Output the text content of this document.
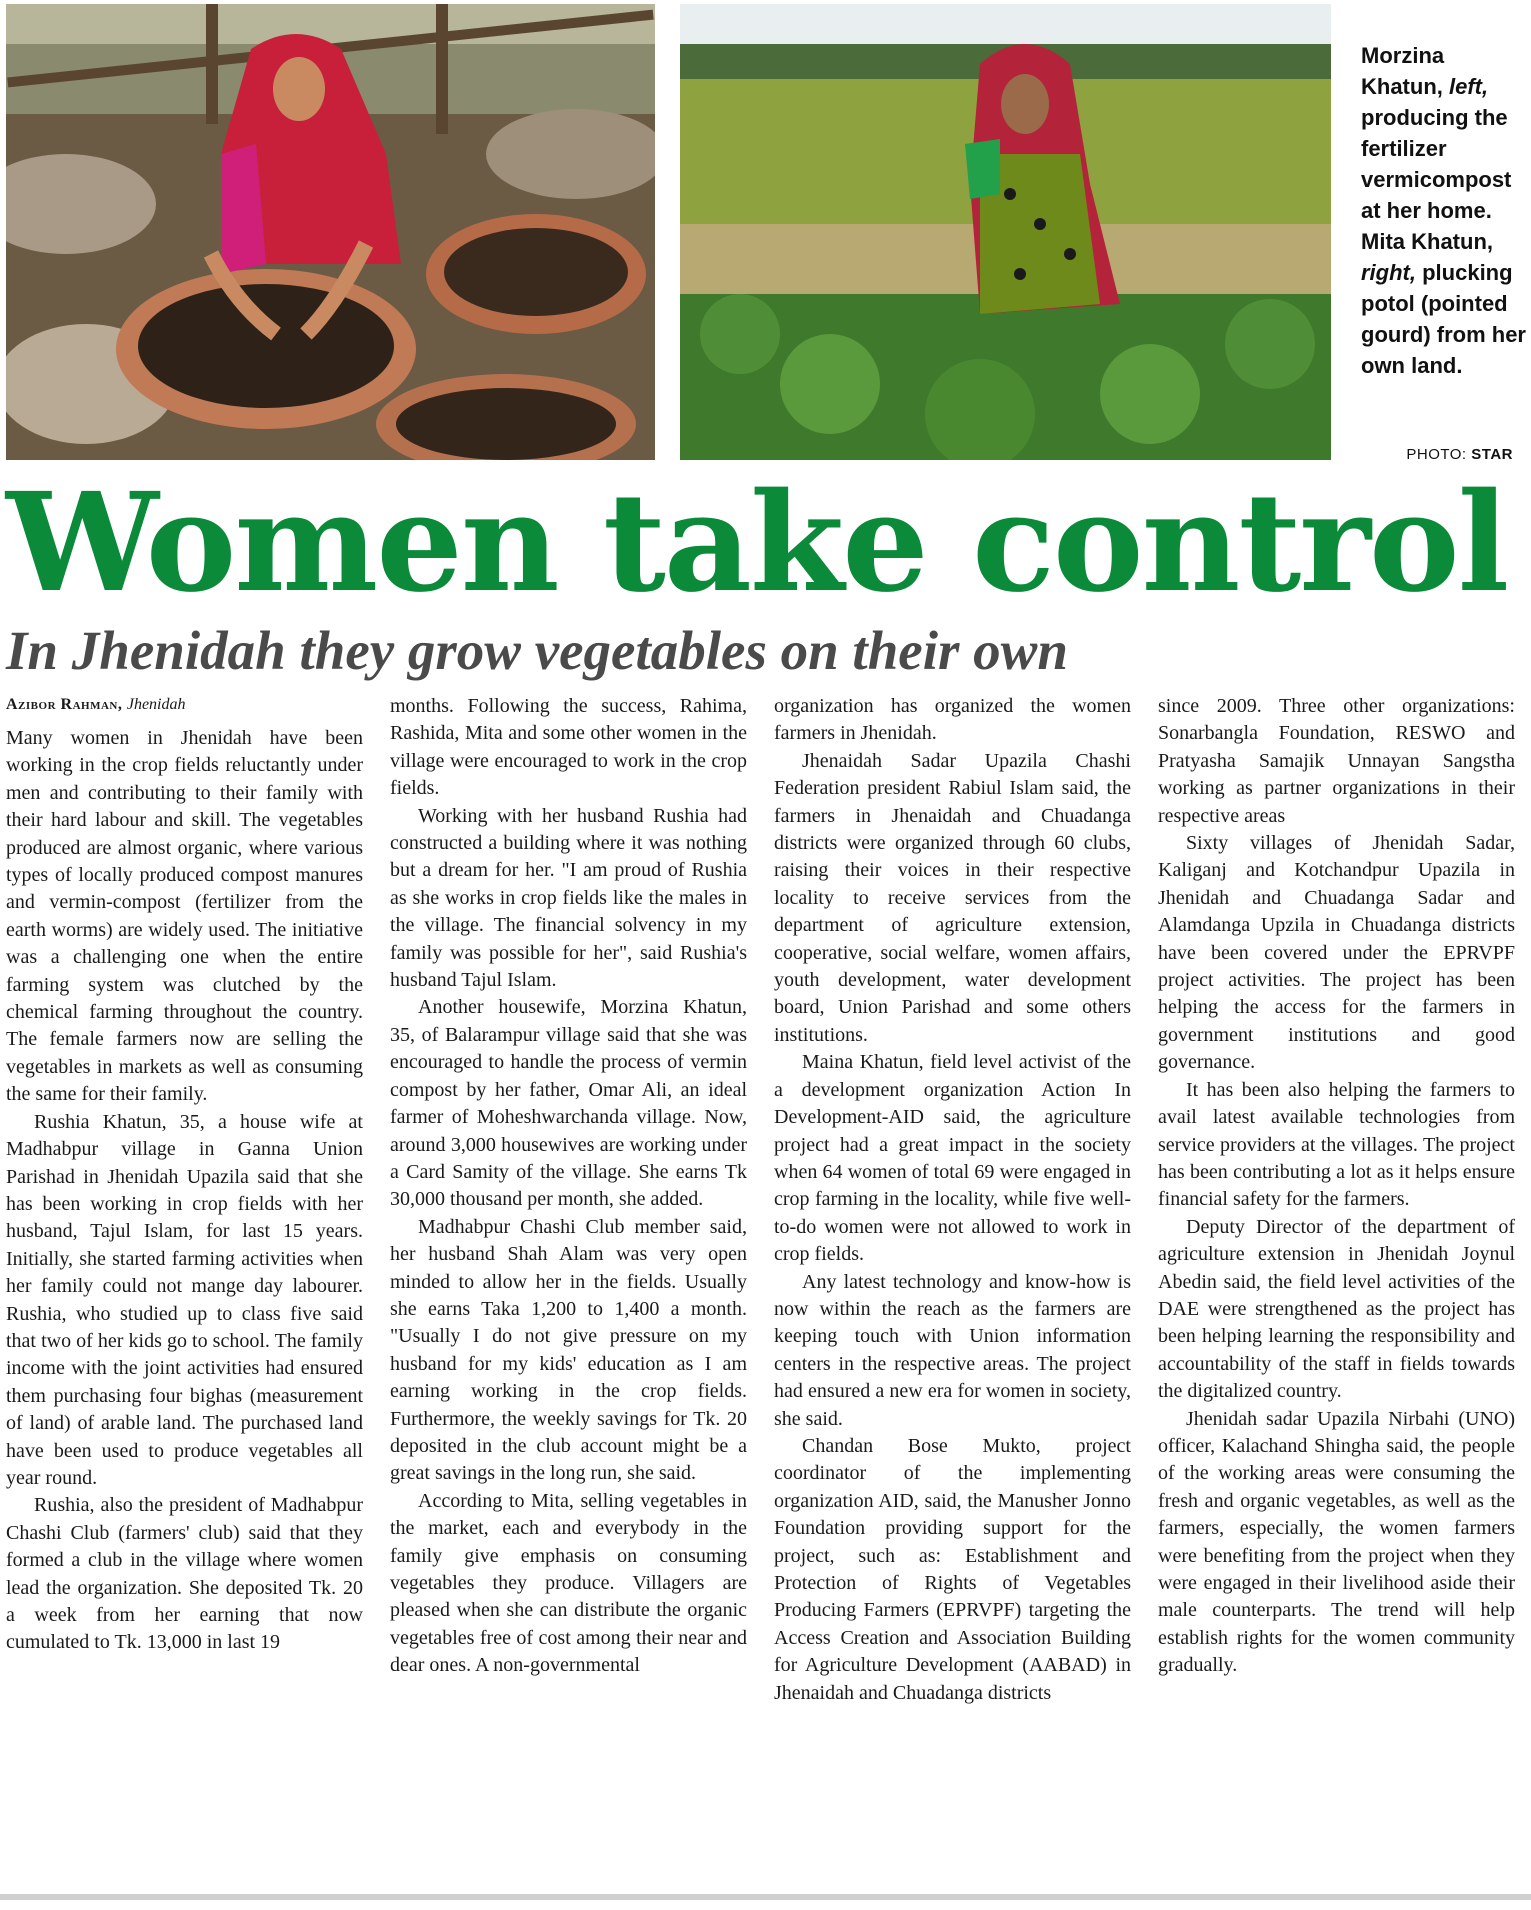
Morzina Khatun, left, producing the fertilizer vermicompost at her home. Mita Khatun, right, plucking potol (pointed gourd) from her own land.
PHOTO: STAR
Women take control
In Jhenidah they grow vegetables on their own
Azibor Rahman, Jhenidah

Many women in Jhenidah have been working in the crop fields reluctantly under men and contributing to their family with their hard labour and skill. The vegetables produced are almost organic, where various types of locally produced compost manures and vermin-compost (fertilizer from the earth worms) are widely used. The initiative was a challenging one when the entire farming system was clutched by the chemical farming throughout the country. The female farmers now are selling the vegetables in markets as well as consuming the same for their family.

Rushia Khatun, 35, a house wife at Madhabpur village in Ganna Union Parishad in Jhenidah Upazila said that she has been working in crop fields with her husband, Tajul Islam, for last 15 years. Initially, she started farming activities when her family could not mange day labourer. Rushia, who studied up to class five said that two of her kids go to school. The family income with the joint activities had ensured them purchasing four bighas (measurement of land) of arable land. The purchased land have been used to produce vegetables all year round.

Rushia, also the president of Madhabpur Chashi Club (farmers' club) said that they formed a club in the village where women lead the organization. She deposited Tk. 20 a week from her earning that now cumulated to Tk. 13,000 in last 19

months. Following the success, Rahima, Rashida, Mita and some other women in the village were encouraged to work in the crop fields.

Working with her husband Rushia had constructed a building where it was nothing but a dream for her. "I am proud of Rushia as she works in crop fields like the males in the village. The financial solvency in my family was possible for her", said Rushia's husband Tajul Islam.

Another housewife, Morzina Khatun, 35, of Balarampur village said that she was encouraged to handle the process of vermin compost by her father, Omar Ali, an ideal farmer of Moheshwarchanda village. Now, around 3,000 housewives are working under a Card Samity of the village. She earns Tk 30,000 thousand per month, she added.

Madhabpur Chashi Club member said, her husband Shah Alam was very open minded to allow her in the fields. Usually she earns Taka 1,200 to 1,400 a month. "Usually I do not give pressure on my husband for my kids' education as I am earning working in the crop fields. Furthermore, the weekly savings for Tk. 20 deposited in the club account might be a great savings in the long run, she said.

According to Mita, selling vegetables in the market, each and everybody in the family give emphasis on consuming vegetables they produce. Villagers are pleased when she can distribute the organic vegetables free of cost among their near and dear ones. A non-governmental

organization has organized the women farmers in Jhenidah.

Jhenaidah Sadar Upazila Chashi Federation president Rabiul Islam said, the farmers in Jhenaidah and Chuadanga districts were organized through 60 clubs, raising their voices in their respective locality to receive services from the department of agriculture extension, cooperative, social welfare, women affairs, youth development, water development board, Union Parishad and some others institutions.

Maina Khatun, field level activist of the a development organization Action In Development-AID said, the agriculture project had a great impact in the society when 64 women of total 69 were engaged in crop farming in the locality, while five well-to-do women were not allowed to work in crop fields.

Any latest technology and know-how is now within the reach as the farmers are keeping touch with Union information centers in the respective areas. The project had ensured a new era for women in society, she said.

Chandan Bose Mukto, project coordinator of the implementing organization AID, said, the Manusher Jonno Foundation providing support for the project, such as: Establishment and Protection of Rights of Vegetables Producing Farmers (EPRVPF) targeting the Access Creation and Association Building for Agriculture Development (AABAD) in Jhenaidah and Chuadanga districts

since 2009. Three other organizations: Sonarbangla Foundation, RESWO and Pratyasha Samajik Unnayan Sangstha working as partner organizations in their respective areas

Sixty villages of Jhenidah Sadar, Kaliganj and Kotchandpur Upazila in Jhenidah and Chuadanga Sadar and Alamdanga Upzila in Chuadanga districts have been covered under the EPRVPF project activities. The project has been helping the access for the farmers in government institutions and good governance.

It has been also helping the farmers to avail latest available technologies from service providers at the villages. The project has been contributing a lot as it helps ensure financial safety for the farmers.

Deputy Director of the department of agriculture extension in Jhenidah Joynul Abedin said, the field level activities of the DAE were strengthened as the project has been helping learning the responsibility and accountability of the staff in fields towards the digitalized country.

Jhenidah sadar Upazila Nirbahi (UNO) officer, Kalachand Shingha said, the people of the working areas were consuming the fresh and organic vegetables, as well as the farmers, especially, the women farmers were benefiting from the project when they were engaged in their livelihood aside their male counterparts. The trend will help establish rights for the women community gradually.
